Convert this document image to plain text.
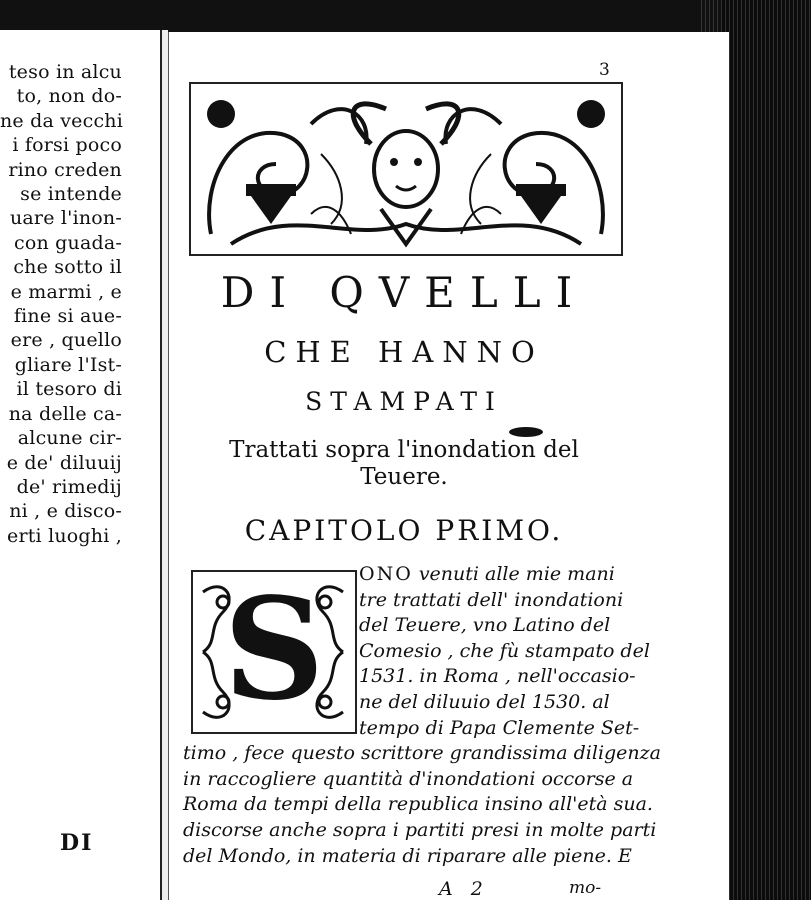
teso in alcu
to, non do-
ne da vecchi
i forsi poco
rino creden
se intende
uare l'inon-
con guada-
che sotto il
e marmi , e
fine si aue-
ere , quello
gliare l'Ist-
il tesoro di
na delle ca-
alcune cir-
e de' diluuij
de' rimedij
ni , e disco-
erti luoghi ,
DI
3
DI QVELLI
CHE HANNO
STAMPATI
Trattati sopra l'inondation del
Teuere.
CAPITOLO PRIMO.
S	ONO venuti alle mie mani
tre trattati dell' inondationi
del Teuere, vno Latino del
Comesio , che fù stampato del
1531. in Roma , nell'occasio-
ne del diluuio del 1530. al
tempo di Papa Clemente Set-
timo , fece questo scrittore grandissima diligenza
in raccogliere quantità d'inondationi occorse a
Roma da tempi della republica insino all'età sua.
discorse anche sopra i partiti presi in molte parti
del Mondo, in materia di riparare alle piene. E
A 2	mo-
